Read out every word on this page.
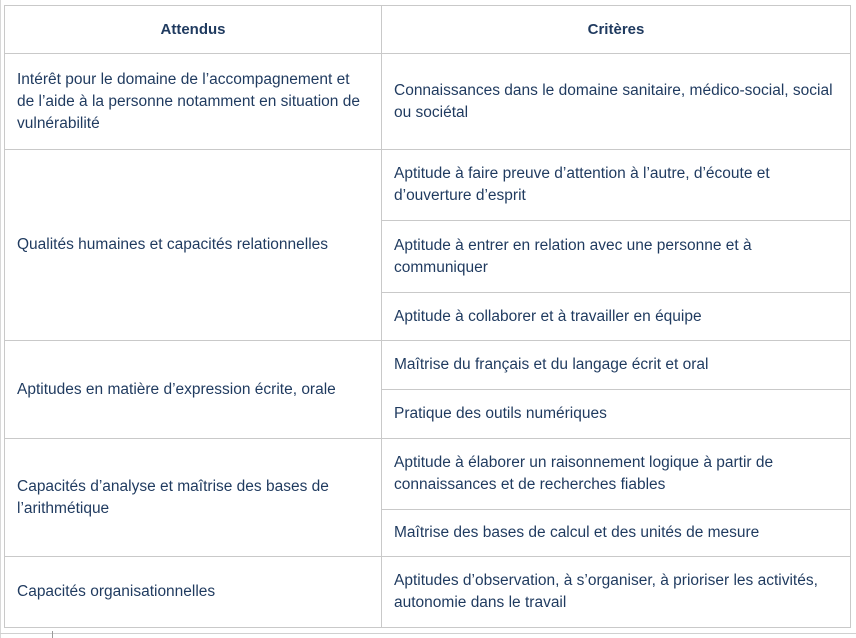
Attendus	Critères
Intérêt pour le domaine de l’accompagnement et de l’aide à la personne notamment en situation de vulnérabilité	Connaissances dans le domaine sanitaire, médico-social, social ou sociétal
Qualités humaines et capacités relationnelles	Aptitude à faire preuve d’attention à l’autre, d’écoute et d’ouverture d’esprit
	Aptitude à entrer en relation avec une personne et à communiquer
	Aptitude à collaborer et à travailler en équipe
Aptitudes en matière d’expression écrite, orale	Maîtrise du français et du langage écrit et oral
	Pratique des outils numériques
Capacités d’analyse et maîtrise des bases de l’arithmétique	Aptitude à élaborer un raisonnement logique à partir de connaissances et de recherches fiables
	Maîtrise des bases de calcul et des unités de mesure
Capacités organisationnelles	Aptitudes d’observation, à s’organiser, à prioriser les activités, autonomie dans le travail
